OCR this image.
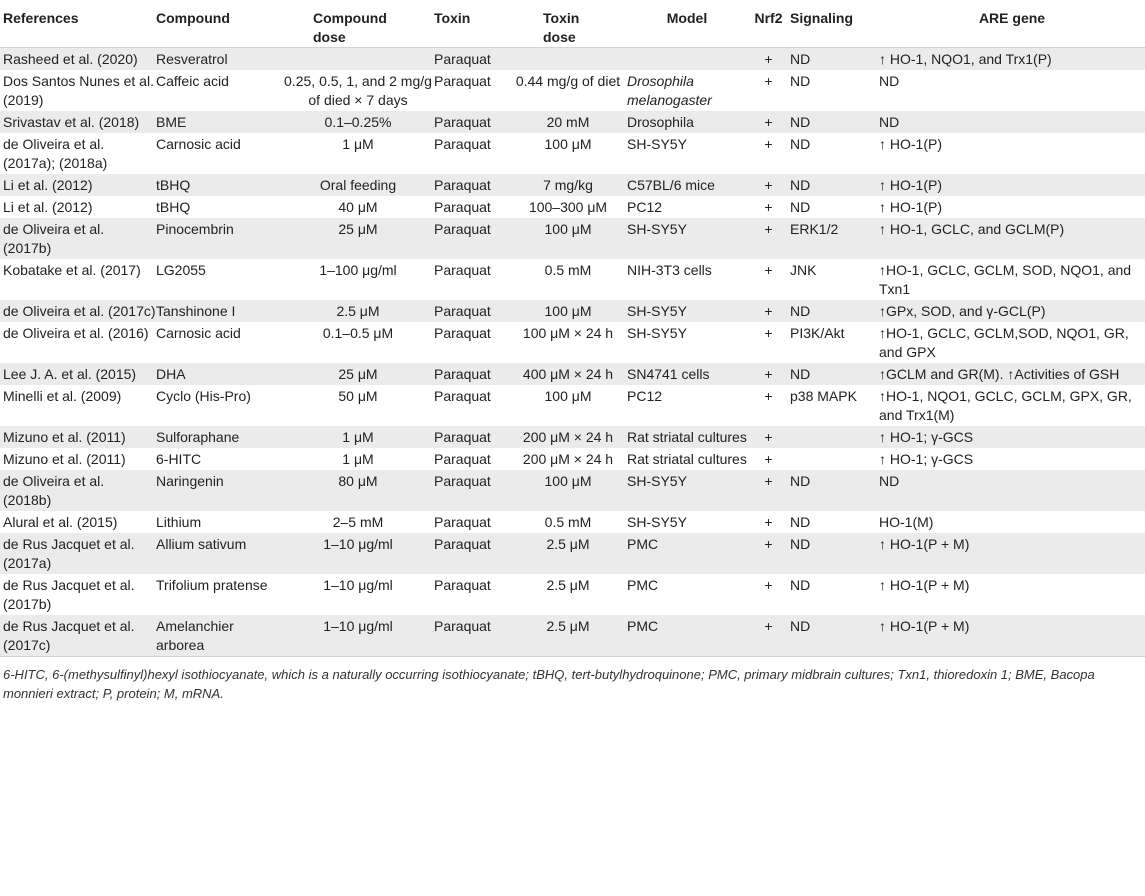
References	Compound	Compound dose	Toxin	Toxin dose	Model	Nrf2	Signaling	ARE gene
Rasheed et al. (2020)	Resveratrol		Paraquat			+	ND	↑ HO-1, NQO1, and Trx1(P)
Dos Santos Nunes et al. (2019)	Caffeic acid	0.25, 0.5, 1, and 2 mg/g of died × 7 days	Paraquat	0.44 mg/g of diet	Drosophila melanogaster	+	ND	ND
Srivastav et al. (2018)	BME	0.1–0.25%	Paraquat	20 mM	Drosophila	+	ND	ND
de Oliveira et al. (2017a); (2018a)	Carnosic acid	1 μM	Paraquat	100 μM	SH-SY5Y	+	ND	↑ HO-1(P)
Li et al. (2012)	tBHQ	Oral feeding	Paraquat	7 mg/kg	C57BL/6 mice	+	ND	↑ HO-1(P)
Li et al. (2012)	tBHQ	40 μM	Paraquat	100–300 μM	PC12	+	ND	↑ HO-1(P)
de Oliveira et al. (2017b)	Pinocembrin	25 μM	Paraquat	100 μM	SH-SY5Y	+	ERK1/2	↑ HO-1, GCLC, and GCLM(P)
Kobatake et al. (2017)	LG2055	1–100 μg/ml	Paraquat	0.5 mM	NIH-3T3 cells	+	JNK	↑HO-1, GCLC, GCLM, SOD, NQO1, and Txn1
de Oliveira et al. (2017c)	Tanshinone I	2.5 μM	Paraquat	100 μM	SH-SY5Y	+	ND	↑GPx, SOD, and γ-GCL(P)
de Oliveira et al. (2016)	Carnosic acid	0.1–0.5 μM	Paraquat	100 μM × 24 h	SH-SY5Y	+	PI3K/Akt	↑HO-1, GCLC, GCLM,SOD, NQO1, GR, and GPX
Lee J. A. et al. (2015)	DHA	25 μM	Paraquat	400 μM × 24 h	SN4741 cells	+	ND	↑GCLM and GR(M). ↑Activities of GSH
Minelli et al. (2009)	Cyclo (His-Pro)	50 μM	Paraquat	100 μM	PC12	+	p38 MAPK	↑HO-1, NQO1, GCLC, GCLM, GPX, GR, and Trx1(M)
Mizuno et al. (2011)	Sulforaphane	1 μM	Paraquat	200 μM × 24 h	Rat striatal cultures	+		↑ HO-1; γ-GCS
Mizuno et al. (2011)	6-HITC	1 μM	Paraquat	200 μM × 24 h	Rat striatal cultures	+		↑ HO-1; γ-GCS
de Oliveira et al. (2018b)	Naringenin	80 μM	Paraquat	100 μM	SH-SY5Y	+	ND	ND
Alural et al. (2015)	Lithium	2–5 mM	Paraquat	0.5 mM	SH-SY5Y	+	ND	HO-1(M)
de Rus Jacquet et al. (2017a)	Allium sativum	1–10 μg/ml	Paraquat	2.5 μM	PMC	+	ND	↑ HO-1(P + M)
de Rus Jacquet et al. (2017b)	Trifolium pratense	1–10 μg/ml	Paraquat	2.5 μM	PMC	+	ND	↑ HO-1(P + M)
de Rus Jacquet et al. (2017c)	Amelanchier arborea	1–10 μg/ml	Paraquat	2.5 μM	PMC	+	ND	↑ HO-1(P + M)
6-HITC, 6-(methysulfinyl)hexyl isothiocyanate, which is a naturally occurring isothiocyanate; tBHQ, tert-butylhydroquinone; PMC, primary midbrain cultures; Txn1, thioredoxin 1; BME, Bacopa monnieri extract; P, protein; M, mRNA.
